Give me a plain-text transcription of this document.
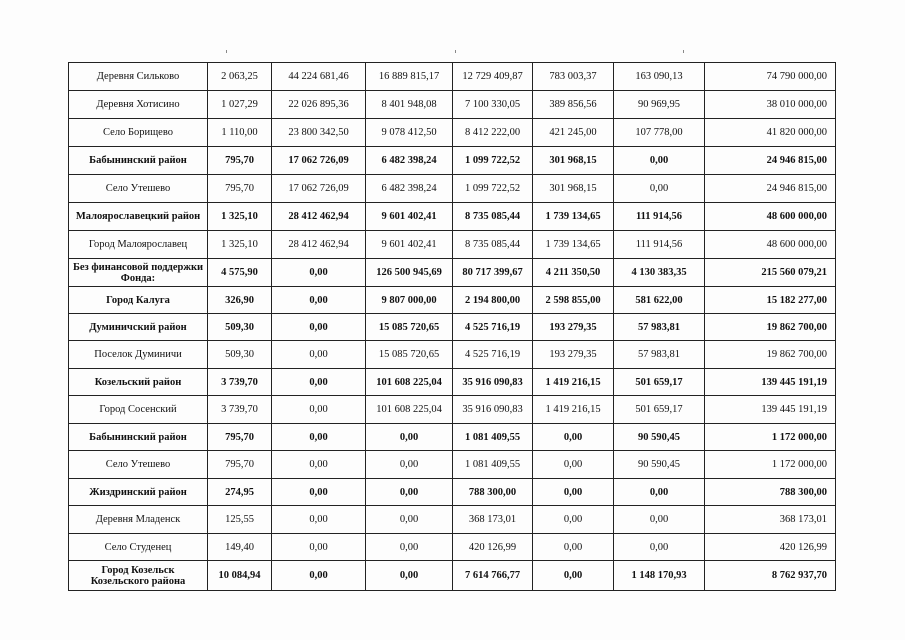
Деревня Сильково	2 063,25	44 224 681,46	16 889 815,17	12 729 409,87	783 003,37	163 090,13	74 790 000,00
Деревня Хотисино	1 027,29	22 026 895,36	8 401 948,08	7 100 330,05	389 856,56	90 969,95	38 010 000,00
Село Борищево	1 110,00	23 800 342,50	9 078 412,50	8 412 222,00	421 245,00	107 778,00	41 820 000,00
Бабынинский район	795,70	17 062 726,09	6 482 398,24	1 099 722,52	301 968,15	0,00	24 946 815,00
Село Утешево	795,70	17 062 726,09	6 482 398,24	1 099 722,52	301 968,15	0,00	24 946 815,00
Малоярославецкий район	1 325,10	28 412 462,94	9 601 402,41	8 735 085,44	1 739 134,65	111 914,56	48 600 000,00
Город Малоярославец	1 325,10	28 412 462,94	9 601 402,41	8 735 085,44	1 739 134,65	111 914,56	48 600 000,00
Без финансовой поддержки Фонда:	4 575,90	0,00	126 500 945,69	80 717 399,67	4 211 350,50	4 130 383,35	215 560 079,21
Город Калуга	326,90	0,00	9 807 000,00	2 194 800,00	2 598 855,00	581 622,00	15 182 277,00
Думиничский район	509,30	0,00	15 085 720,65	4 525 716,19	193 279,35	57 983,81	19 862 700,00
Поселок Думиничи	509,30	0,00	15 085 720,65	4 525 716,19	193 279,35	57 983,81	19 862 700,00
Козельский район	3 739,70	0,00	101 608 225,04	35 916 090,83	1 419 216,15	501 659,17	139 445 191,19
Город Сосенский	3 739,70	0,00	101 608 225,04	35 916 090,83	1 419 216,15	501 659,17	139 445 191,19
Бабынинский район	795,70	0,00	0,00	1 081 409,55	0,00	90 590,45	1 172 000,00
Село Утешево	795,70	0,00	0,00	1 081 409,55	0,00	90 590,45	1 172 000,00
Жиздринский район	274,95	0,00	0,00	788 300,00	0,00	0,00	788 300,00
Деревня Младенск	125,55	0,00	0,00	368 173,01	0,00	0,00	368 173,01
Село Студенец	149,40	0,00	0,00	420 126,99	0,00	0,00	420 126,99
Город Козельск Козельского района	10 084,94	0,00	0,00	7 614 766,77	0,00	1 148 170,93	8 762 937,70
